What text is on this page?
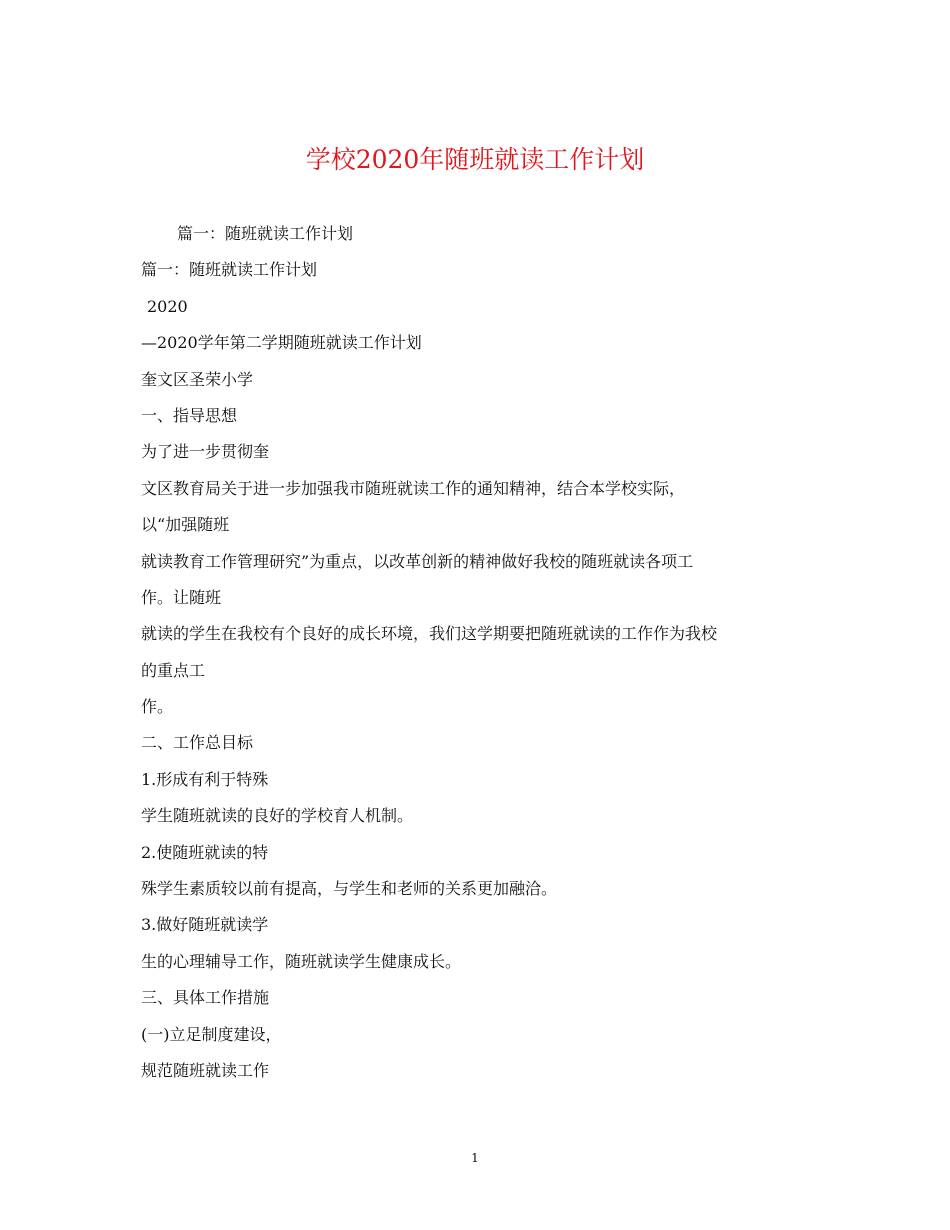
学校2020年随班就读工作计划
篇一：随班就读工作计划
篇一：随班就读工作计划
2020
—2020学年第二学期随班就读工作计划
奎文区圣荣小学
一、指导思想
为了进一步贯彻奎
文区教育局关于进一步加强我市随班就读工作的通知精神，结合本学校实际，
以“加强随班
就读教育工作管理研究”为重点，以改革创新的精神做好我校的随班就读各项工
作。让随班
就读的学生在我校有个良好的成长环境，我们这学期要把随班就读的工作作为我校
的重点工
作。
二、工作总目标
1.形成有利于特殊
学生随班就读的良好的学校育人机制。
2.使随班就读的特
殊学生素质较以前有提高，与学生和老师的关系更加融洽。
3.做好随班就读学
生的心理辅导工作，随班就读学生健康成长。
三、具体工作措施
(一)立足制度建设，
规范随班就读工作
1
